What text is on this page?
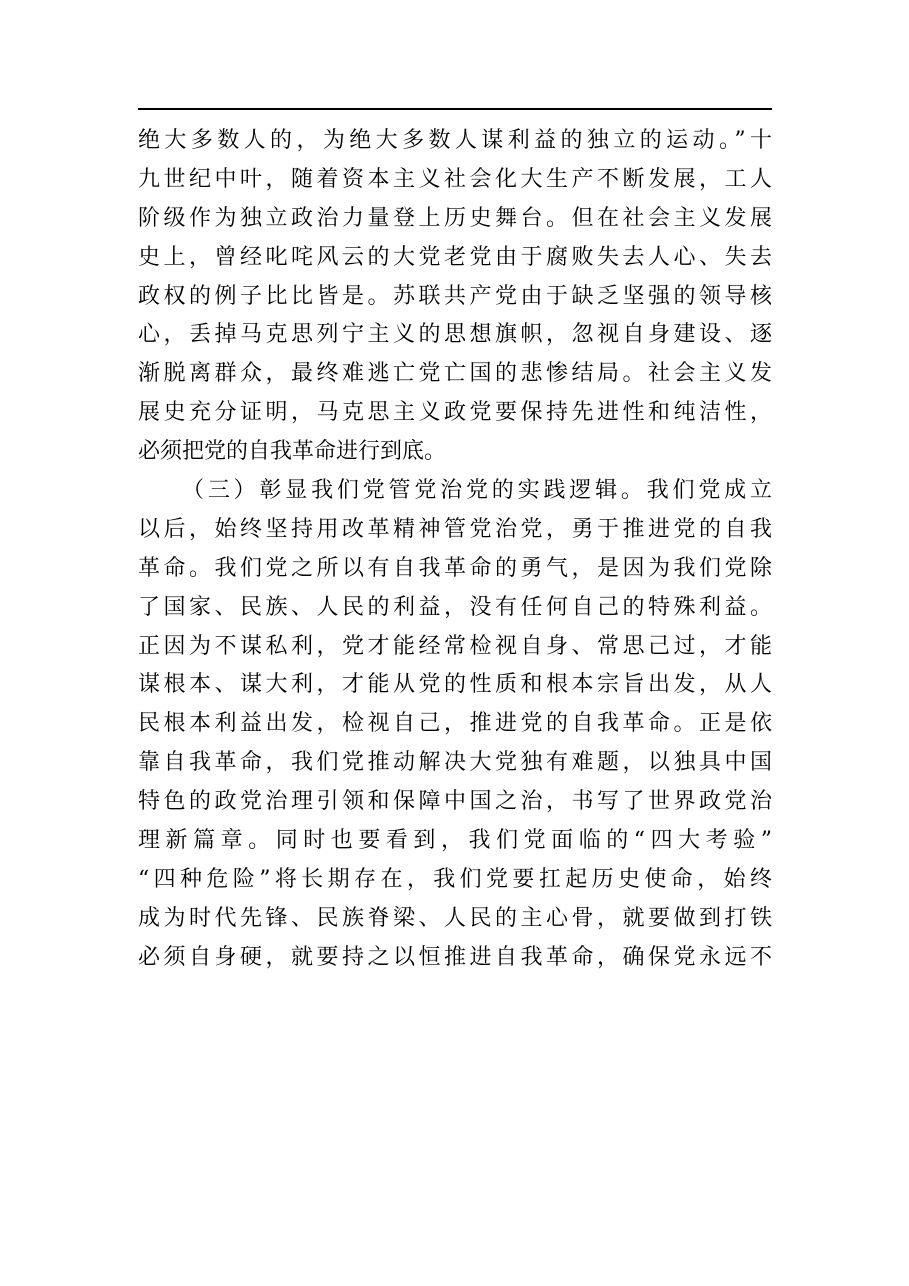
绝大多数人的，为绝大多数人谋利益的独立的运动。”十
九世纪中叶，随着资本主义社会化大生产不断发展，工人
阶级作为独立政治力量登上历史舞台。但在社会主义发展
史上，曾经叱咤风云的大党老党由于腐败失去人心、失去
政权的例子比比皆是。苏联共产党由于缺乏坚强的领导核
心，丢掉马克思列宁主义的思想旗帜，忽视自身建设、逐
渐脱离群众，最终难逃亡党亡国的悲惨结局。社会主义发
展史充分证明，马克思主义政党要保持先进性和纯洁性，
必须把党的自我革命进行到底。
（三）彰显我们党管党治党的实践逻辑。我们党成立
以后，始终坚持用改革精神管党治党，勇于推进党的自我
革命。我们党之所以有自我革命的勇气，是因为我们党除
了国家、民族、人民的利益，没有任何自己的特殊利益。
正因为不谋私利，党才能经常检视自身、常思己过，才能
谋根本、谋大利，才能从党的性质和根本宗旨出发，从人
民根本利益出发，检视自己，推进党的自我革命。正是依
靠自我革命，我们党推动解决大党独有难题，以独具中国
特色的政党治理引领和保障中国之治，书写了世界政党治
理新篇章。同时也要看到，我们党面临的“四大考验”
“四种危险”将长期存在，我们党要扛起历史使命，始终
成为时代先锋、民族脊梁、人民的主心骨，就要做到打铁
必须自身硬，就要持之以恒推进自我革命，确保党永远不
